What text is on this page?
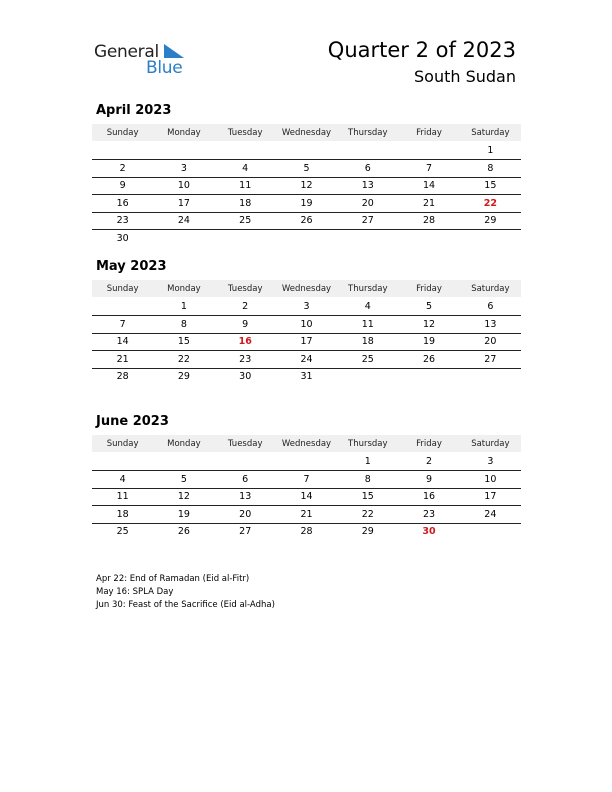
General
Blue
Quarter 2 of 2023
South Sudan
April 2023
Sunday	Monday	Tuesday	Wednesday	Thursday	Friday	Saturday
						1
2	3	4	5	6	7	8
9	10	11	12	13	14	15
16	17	18	19	20	21	22
23	24	25	26	27	28	29
30						
May 2023
Sunday	Monday	Tuesday	Wednesday	Thursday	Friday	Saturday
	1	2	3	4	5	6
7	8	9	10	11	12	13
14	15	16	17	18	19	20
21	22	23	24	25	26	27
28	29	30	31			
June 2023
Sunday	Monday	Tuesday	Wednesday	Thursday	Friday	Saturday
				1	2	3
4	5	6	7	8	9	10
11	12	13	14	15	16	17
18	19	20	21	22	23	24
25	26	27	28	29	30	
Apr 22: End of Ramadan (Eid al-Fitr)
May 16: SPLA Day
Jun 30: Feast of the Sacrifice (Eid al-Adha)
